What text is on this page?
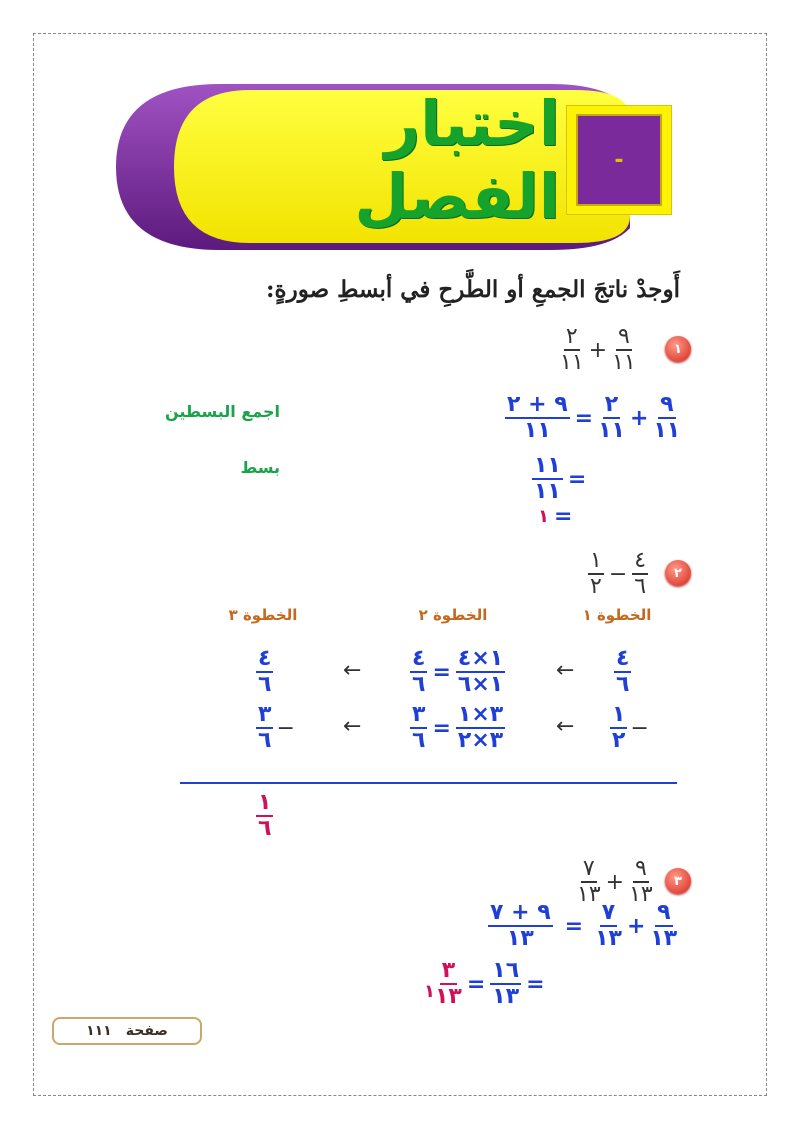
-
اختبار الفصل
أَوجدْ ناتجَ الجمعِ أو الطَّرحِ في أبسطِ صورةٍ:
١
$\frac{٢}{١١} + \frac{٩}{١١}$
$\frac{٩ + ٢}{١١} = \frac{٢}{١١} + \frac{٩}{١١}$
اجمع البسطين
$\frac{١١}{١١}$ =
بسط
١ =
٢
$\frac{١}{٢} - \frac{٤}{٦}$
الخطوة ١
الخطوة ٢
الخطوة ٣
$\frac{٤}{٦}$
←
$\frac{٤}{٦} = \frac{١\times ٤}{١\times ٦}$
←
$\frac{٤}{٦}$
$\frac{١}{٢}$ −
←
$\frac{٣}{٦} = \frac{٣\times ١}{٣\times ٢}$
←
$\frac{٣}{٦}$ −
$\frac{١}{٦}$
٣
$\frac{٧}{١٣} + \frac{٩}{١٣}$
$\frac{٩ + ٧}{١٣} = \frac{٧}{١٣} + \frac{٩}{١٣}$
١ $\frac{٣}{١٣} = \frac{١٦}{١٣}$ =
صفحة
١١١
